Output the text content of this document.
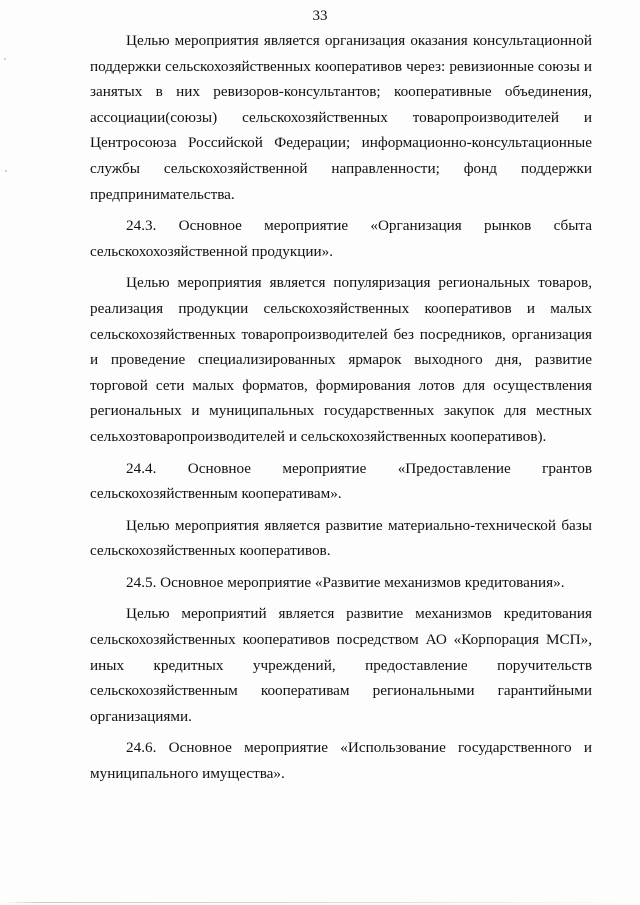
33

Целью мероприятия является организация оказания консультационной поддержки сельскохозяйственных кооперативов через: ревизионные союзы и занятых в них ревизоров-консультантов; кооперативные объединения, ассоциации(союзы) сельскохозяйственных товаропроизводителей и Центросоюза Российской Федерации; информационно-консультационные службы сельскохозяйственной направленности; фонд поддержки предпринимательства.

24.3. Основное мероприятие «Организация рынков сбыта сельскохохозяйственной продукции».

Целью мероприятия является популяризация региональных товаров, реализация продукции сельскохозяйственных кооперативов и малых сельскохозяйственных товаропроизводителей без посредников, организация и проведение специализированных ярмарок выходного дня, развитие торговой сети малых форматов, формирования лотов для осуществления региональных и муниципальных государственных закупок для местных сельхозтоваропроизводителей и сельскохозяйственных кооперативов).

24.4. Основное мероприятие «Предоставление грантов сельскохозяйственным кооперативам».

Целью мероприятия является развитие материально-технической базы сельскохозяйственных кооперативов.

24.5. Основное мероприятие «Развитие механизмов кредитования».

Целью мероприятий является развитие механизмов кредитования сельскохозяйственных кооперативов посредством АО «Корпорация МСП», иных кредитных учреждений, предоставление поручительств сельскохозяйственным кооперативам региональными гарантийными организациями.

24.6. Основное мероприятие «Использование государственного и муниципального имущества».
